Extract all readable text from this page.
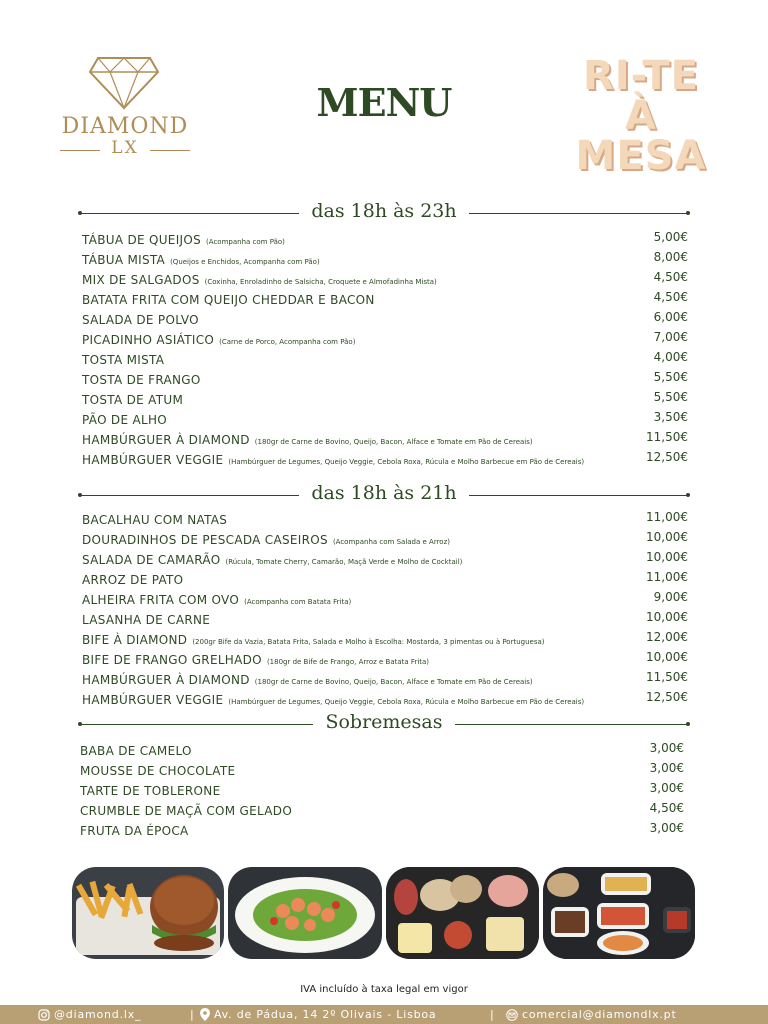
DIAMOND
LX
MENU
RI-TE
À MESA
das 18h às 23h
TÁBUA DE QUEIJOS (Acompanha com Pão)	5,00€
TÁBUA MISTA (Queijos e Enchidos, Acompanha com Pão)	8,00€
MIX DE SALGADOS (Coxinha, Enroladinho de Salsicha, Croquete e Almofadinha Mista)	4,50€
BATATA FRITA COM QUEIJO CHEDDAR E BACON	4,50€
SALADA DE POLVO	6,00€
PICADINHO ASIÁTICO (Carne de Porco, Acompanha com Pão)	7,00€
TOSTA MISTA	4,00€
TOSTA DE FRANGO	5,50€
TOSTA DE ATUM	5,50€
PÃO DE ALHO	3,50€
HAMBÚRGUER À DIAMOND (180gr de Carne de Bovino, Queijo, Bacon, Alface e Tomate em Pão de Cereais)	11,50€
HAMBÚRGUER VEGGIE (Hambúrguer de Legumes, Queijo Veggie, Cebola Roxa, Rúcula e Molho Barbecue em Pão de Cereais)	12,50€
das 18h às 21h
BACALHAU COM NATAS	11,00€
DOURADINHOS DE PESCADA CASEIROS (Acompanha com Salada e Arroz)	10,00€
SALADA DE CAMARÃO (Rúcula, Tomate Cherry, Camarão, Maçã Verde e Molho de Cocktail)	10,00€
ARROZ DE PATO	11,00€
ALHEIRA FRITA COM OVO (Acompanha com Batata Frita)	9,00€
LASANHA DE CARNE	10,00€
BIFE À DIAMOND (200gr Bife da Vazia, Batata Frita, Salada e Molho à Escolha: Mostarda, 3 pimentas ou à Portuguesa)	12,00€
BIFE DE FRANGO GRELHADO (180gr de Bife de Frango, Arroz e Batata Frita)	10,00€
HAMBÚRGUER À DIAMOND (180gr de Carne de Bovino, Queijo, Bacon, Alface e Tomate em Pão de Cereais)	11,50€
HAMBÚRGUER VEGGIE (Hambúrguer de Legumes, Queijo Veggie, Cebola Roxa, Rúcula e Molho Barbecue em Pão de Cereais)	12,50€
Sobremesas
BABA DE CAMELO	3,00€
MOUSSE DE CHOCOLATE	3,00€
TARTE DE TOBLERONE	3,00€
CRUMBLE DE MAÇÃ COM GELADO	4,50€
FRUTA DA ÉPOCA	3,00€
IVA incluído à taxa legal em vigor
@diamond.lx_	| Av. de Pádua, 14 2º Olivais - Lisboa	| comercial@diamondlx.pt
